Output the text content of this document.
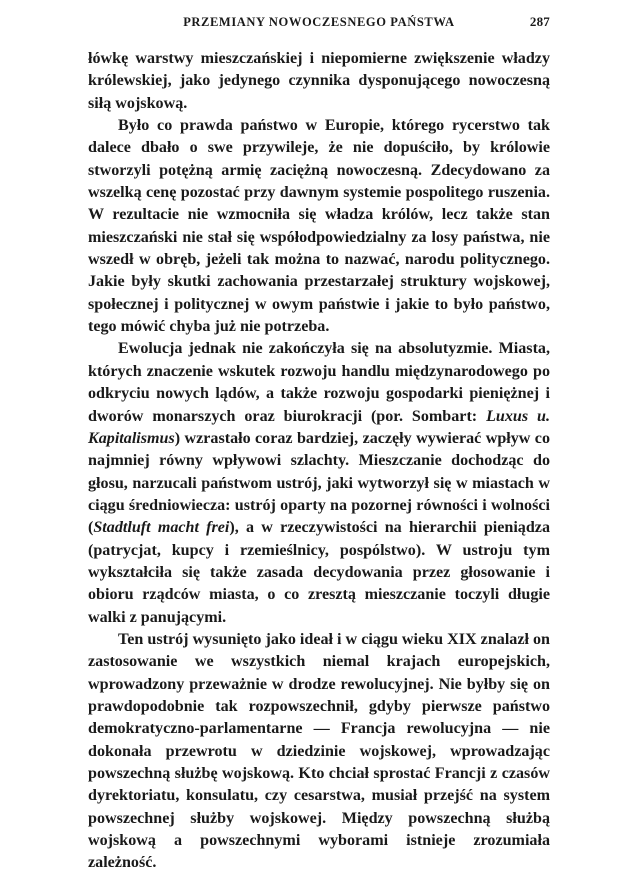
PRZEMIANY NOWOCZESNEGO PAŃSTWA	287

łówkę warstwy mieszczańskiej i niepomierne zwiększenie władzy królewskiej, jako jedynego czynnika dysponującego nowoczesną siłą wojskową.

Było co prawda państwo w Europie, którego rycerstwo tak dalece dbało o swe przywileje, że nie dopuściło, by królowie stworzyli potężną armię zaciężną nowoczesną. Zdecydowano za wszelką cenę pozostać przy dawnym systemie pospolitego ruszenia. W rezultacie nie wzmocniła się władza królów, lecz także stan mieszczański nie stał się współodpowiedzialny za losy państwa, nie wszedł w obręb, jeżeli tak można to nazwać, narodu politycznego. Jakie były skutki zachowania przestarzałej struktury wojskowej, społecznej i politycznej w owym państwie i jakie to było państwo, tego mówić chyba już nie potrzeba.

Ewolucja jednak nie zakończyła się na absolutyzmie. Miasta, których znaczenie wskutek rozwoju handlu międzynarodowego po odkryciu nowych lądów, a także rozwoju gospodarki pieniężnej i dworów monarszych oraz biurokracji (por. Sombart: Luxus u. Kapitalismus) wzrastało coraz bardziej, zaczęły wywierać wpływ co najmniej równy wpływowi szlachty. Mieszczanie dochodząc do głosu, narzucali państwom ustrój, jaki wytworzył się w miastach w ciągu średniowiecza: ustrój oparty na pozornej równości i wolności (Stadtluft macht frei), a w rzeczywistości na hierarchii pieniądza (patrycjat, kupcy i rzemieślnicy, pospólstwo). W ustroju tym wykształciła się także zasada decydowania przez głosowanie i obioru rządców miasta, o co zresztą mieszczanie toczyli długie walki z panującymi.

Ten ustrój wysunięto jako ideał i w ciągu wieku XIX znalazł on zastosowanie we wszystkich niemal krajach europejskich, wprowadzony przeważnie w drodze rewolucyjnej. Nie byłby się on prawdopodobnie tak rozpowszechnił, gdyby pierwsze państwo demokratyczno-parlamentarne — Francja rewolucyjna — nie dokonała przewrotu w dziedzinie wojskowej, wprowadzając powszechną służbę wojskową. Kto chciał sprostać Francji z czasów dyrektoriatu, konsulatu, czy cesarstwa, musiał przejść na system powszechnej służby wojskowej. Między powszechną służbą wojskową a powszechnymi wyborami istnieje zrozumiała zależność.
